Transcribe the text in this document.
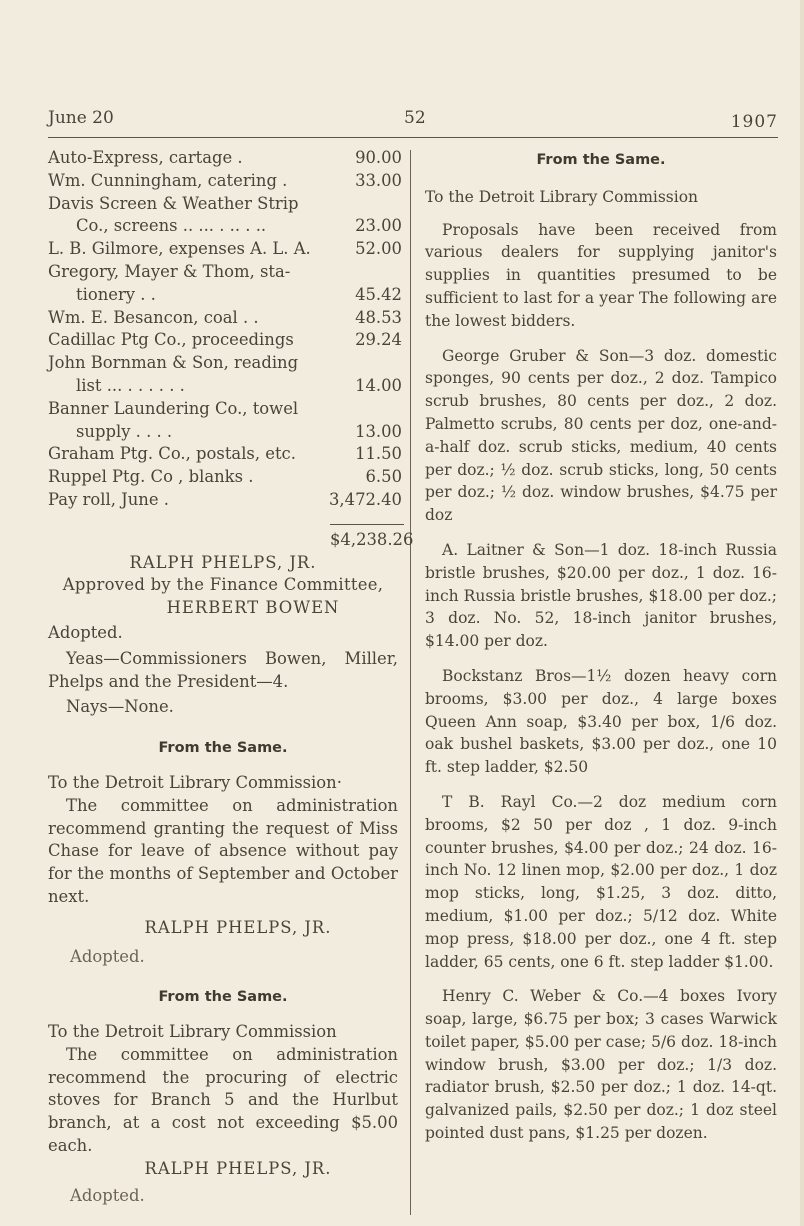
June 20	52	1907
Auto-Express, cartage .	90.00
Wm. Cunningham, catering .	33.00
Davis Screen & Weather Strip
Co., screens .. ... . .. . ..	23.00
L. B. Gilmore, expenses A. L. A.	52.00
Gregory, Mayer & Thom, sta-
tionery . .	45.42
Wm. E. Besancon, coal . .	48.53
Cadillac Ptg Co., proceedings	29.24
John Bornman & Son, reading
list ... . . . . . .	14.00
Banner Laundering Co., towel
supply . . . .	13.00
Graham Ptg. Co., postals, etc.	11.50
Ruppel Ptg. Co , blanks .	6.50
Pay roll, June .	3,472.40
$4,238.26
RALPH PHELPS, JR.
Approved by the Finance Committee,
HERBERT BOWEN
Adopted.
Yeas—Commissioners Bowen, Miller, Phelps and the President—4.
Nays—None.
From the Same.
To the Detroit Library Commission·
The committee on administration recommend granting the request of Miss Chase for leave of absence without pay for the months of September and October next.
RALPH PHELPS, JR.
Adopted.
From the Same.
To the Detroit Library Commission
The committee on administration recommend the procuring of electric stoves for Branch 5 and the Hurlbut branch, at a cost not exceeding $5.00 each.
RALPH PHELPS, JR.
Adopted.
From the Same.
To the Detroit Library Commission
Proposals have been received from various dealers for supplying janitor's supplies in quantities presumed to be sufficient to last for a year The following are the lowest bidders.
George Gruber & Son—3 doz. domestic sponges, 90 cents per doz., 2 doz. Tampico scrub brushes, 80 cents per doz., 2 doz. Palmetto scrubs, 80 cents per doz, one-and-a-half doz. scrub sticks, medium, 40 cents per doz.; ½ doz. scrub sticks, long, 50 cents per doz.; ½ doz. window brushes, $4.75 per doz
A. Laitner & Son—1 doz. 18-inch Russia bristle brushes, $20.00 per doz., 1 doz. 16-inch Russia bristle brushes, $18.00 per doz.; 3 doz. No. 52, 18-inch janitor brushes, $14.00 per doz.
Bockstanz Bros—1½ dozen heavy corn brooms, $3.00 per doz., 4 large boxes Queen Ann soap, $3.40 per box, 1/6 doz. oak bushel baskets, $3.00 per doz., one 10 ft. step ladder, $2.50
T B. Rayl Co.—2 doz medium corn brooms, $2 50 per doz , 1 doz. 9-inch counter brushes, $4.00 per doz.; 24 doz. 16-inch No. 12 linen mop, $2.00 per doz., 1 doz mop sticks, long, $1.25, 3 doz. ditto, medium, $1.00 per doz.; 5/12 doz. White mop press, $18.00 per doz., one 4 ft. step ladder, 65 cents, one 6 ft. step ladder $1.00.
Henry C. Weber & Co.—4 boxes Ivory soap, large, $6.75 per box; 3 cases Warwick toilet paper, $5.00 per case; 5/6 doz. 18-inch window brush, $3.00 per doz.; 1/3 doz. radiator brush, $2.50 per doz.; 1 doz. 14-qt. galvanized pails, $2.50 per doz.; 1 doz steel pointed dust pans, $1.25 per dozen.
